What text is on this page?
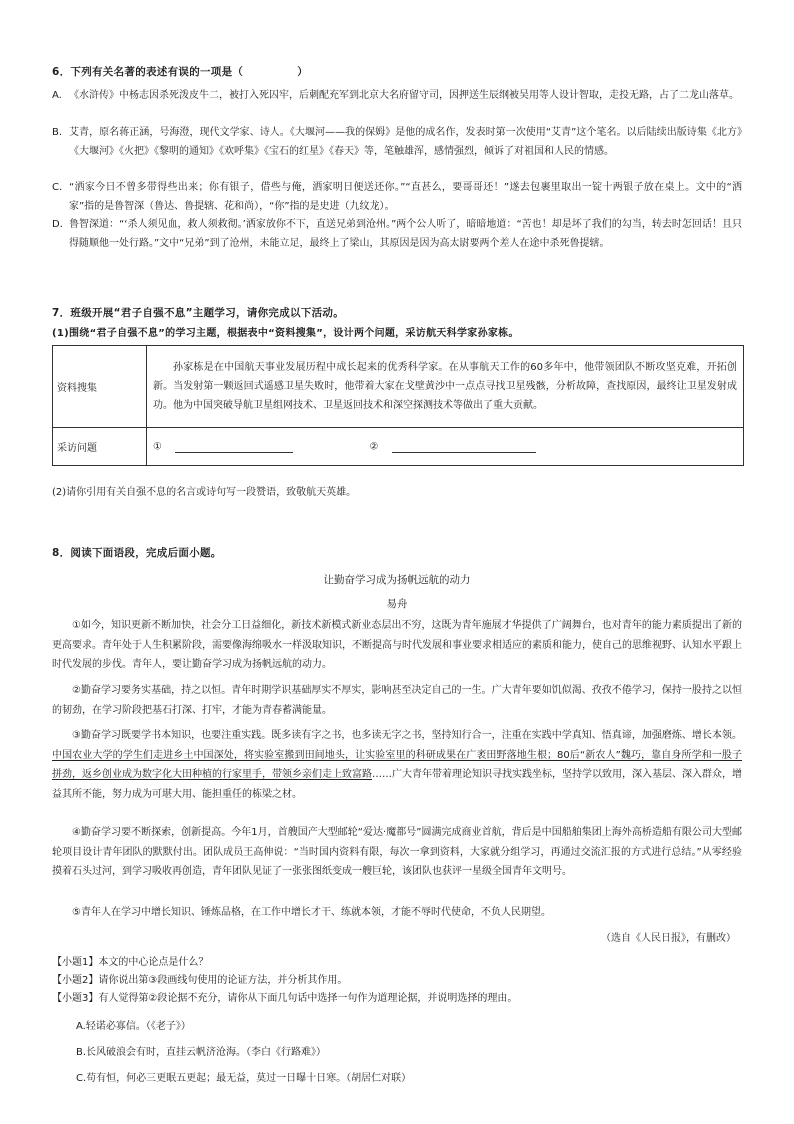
6．下列有关名著的表述有误的一项是（　　　　　）
A. 《水浒传》中杨志因杀死泼皮牛二，被打入死囚牢，后刺配充军到北京大名府留守司，因押送生辰纲被吴用等人设计智取，走投无路，占了二龙山落草。
B. 艾青，原名蒋正涵，号海澄，现代文学家、诗人。《大堰河——我的保姆》是他的成名作，发表时第一次使用“艾青”这个笔名。以后陆续出版诗集《北方》《大堰河》《火把》《黎明的通知》《欢呼集》《宝石的红星》《春天》等，笔触雄浑，感情强烈，倾诉了对祖国和人民的情感。
C. “洒家今日不曾多带得些出来；你有银子，借些与俺，洒家明日便送还你。”“直甚么，要哥哥还！”遂去包裹里取出一锭十两银子放在桌上。文中的“洒家”指的是鲁智深（鲁达、鲁提辖、花和尚），“你”指的是史进（九纹龙）。
D. 鲁智深道：“‘杀人须见血，救人须救彻。’洒家放你不下，直送兄弟到沧州。”两个公人听了，暗暗地道：“苦也！却是坏了我们的勾当，转去时怎回话！且只得随顺他一处行路。”文中“兄弟”到了沧州，未能立足，最终上了梁山，其原因是因为高太尉要两个差人在途中杀死鲁提辖。
7．班级开展“君子自强不息”主题学习，请你完成以下活动。
(1)围绕“君子自强不息”的学习主题，根据表中“资料搜集”，设计两个问题，采访航天科学家孙家栋。
资料搜集	孙家栋是在中国航天事业发展历程中成长起来的优秀科学家。在从事航天工作的60多年中，他带领团队不断攻坚克难，开拓创新。当发射第一颗返回式遥感卫星失败时，他带着大家在戈壁黄沙中一点点寻找卫星残骸，分析故障，查找原因，最终让卫星发射成功。他为中国突破导航卫星组网技术、卫星返回技术和深空探测技术等做出了重大贡献。
采访问题	① ②
(2)请你引用有关自强不息的名言或诗句写一段赞语，致敬航天英雄。
8．阅读下面语段，完成后面小题。
让勤奋学习成为扬帆远航的动力
易舟
①如今，知识更新不断加快，社会分工日益细化，新技术新模式新业态层出不穷，这既为青年施展才华提供了广阔舞台，也对青年的能力素质提出了新的更高要求。青年处于人生积累阶段，需要像海绵吸水一样汲取知识，不断提高与时代发展和事业要求相适应的素质和能力，使自己的思维视野、认知水平跟上时代发展的步伐。青年人，要让勤奋学习成为扬帆远航的动力。
②勤奋学习要务实基础，持之以恒。青年时期学识基础厚实不厚实，影响甚至决定自己的一生。广大青年要如饥似渴、孜孜不倦学习，保持一股持之以恒的韧劲，在学习阶段把基石打深、打牢，才能为青春蓄满能量。
③勤奋学习既要学书本知识，也要注重实践。既多读有字之书，也多读无字之书，坚持知行合一，注重在实践中学真知、悟真谛，加强磨炼、增长本领。中国农业大学的学生们走进乡土中国深处，将实验室搬到田间地头，让实验室里的科研成果在广袤田野落地生根；80后“新农人”魏巧，靠自身所学和一股子拼劲，返乡创业成为数字化大田种植的行家里手，带领乡亲们走上致富路……广大青年带着理论知识寻找实践坐标，坚持学以致用，深入基层、深入群众，增益其所不能，努力成为可堪大用、能担重任的栋梁之材。
④勤奋学习要不断探索，创新提高。今年1月，首艘国产大型邮轮“爱达·魔都号”圆满完成商业首航，背后是中国船舶集团上海外高桥造船有限公司大型邮轮项目设计青年团队的默默付出。团队成员王高伸说：“当时国内资料有限，每次一拿到资料，大家就分组学习，再通过交流汇报的方式进行总结。”从零经验摸着石头过河，到学习吸收再创造，青年团队见证了一张张图纸变成一艘巨轮，该团队也获评一星级全国青年文明号。
⑤青年人在学习中增长知识、锤炼品格，在工作中增长才干、练就本领，才能不辱时代使命，不负人民期望。
（选自《人民日报》，有删改）
【小题1】本文的中心论点是什么？
【小题2】请你说出第③段画线句使用的论证方法，并分析其作用。
【小题3】有人觉得第②段论据不充分，请你从下面几句话中选择一句作为道理论据，并说明选择的理由。
A.轻诺必寡信。（《老子》）
B.长风破浪会有时，直挂云帆济沧海。（李白《行路难》）
C.苟有恒，何必三更眠五更起；最无益，莫过一日曝十日寒。（胡居仁对联）
